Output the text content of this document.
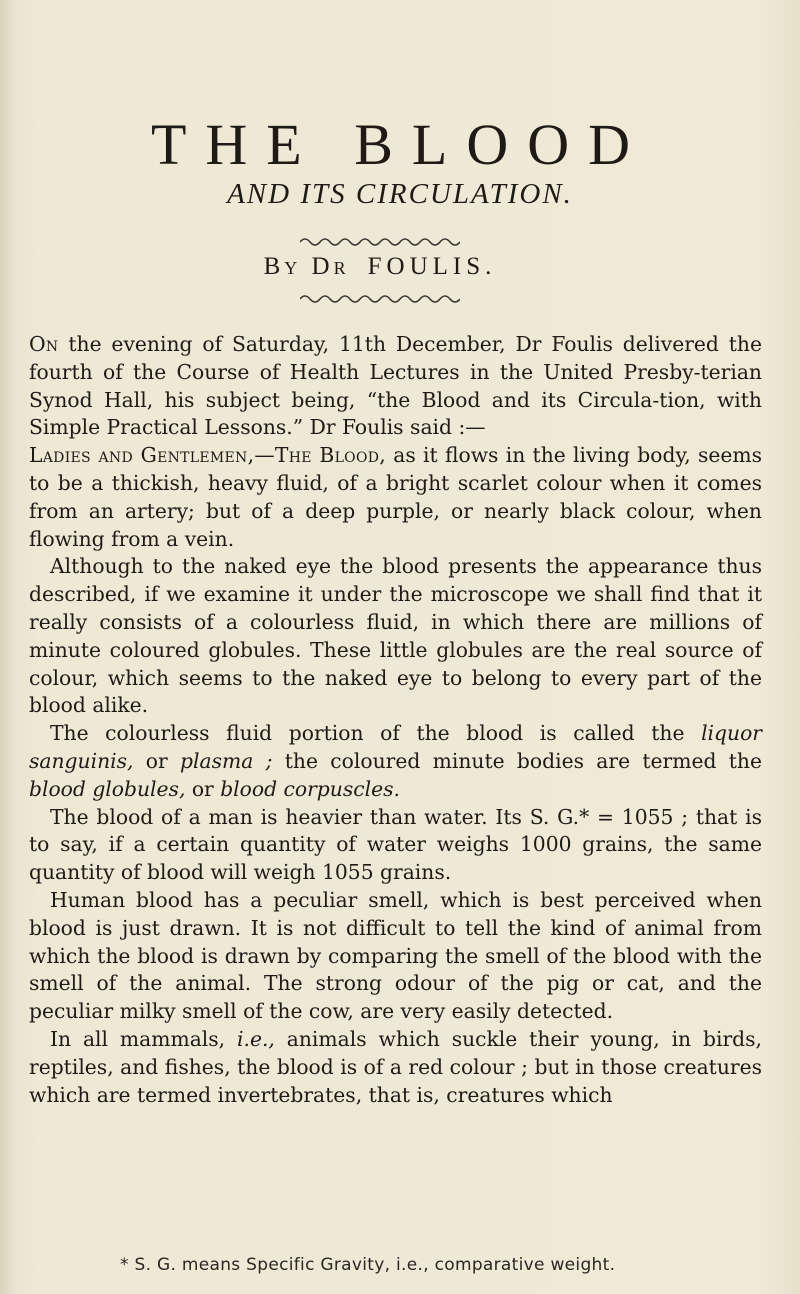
THE BLOOD
AND ITS CIRCULATION.
By Dr FOULIS.

On the evening of Saturday, 11th December, Dr Foulis delivered the fourth of the Course of Health Lectures in the United Presby-terian Synod Hall, his subject being, “the Blood and its Circula-tion, with Simple Practical Lessons.” Dr Foulis said :—

Ladies and Gentlemen,—The Blood, as it flows in the living body, seems to be a thickish, heavy fluid, of a bright scarlet colour when it comes from an artery; but of a deep purple, or nearly black colour, when flowing from a vein.

Although to the naked eye the blood presents the appearance thus described, if we examine it under the microscope we shall find that it really consists of a colourless fluid, in which there are millions of minute coloured globules. These little globules are the real source of colour, which seems to the naked eye to belong to every part of the blood alike.

The colourless fluid portion of the blood is called the liquor sanguinis, or plasma ; the coloured minute bodies are termed the blood globules, or blood corpuscles.

The blood of a man is heavier than water. Its S. G.* = 1055 ; that is to say, if a certain quantity of water weighs 1000 grains, the same quantity of blood will weigh 1055 grains.

Human blood has a peculiar smell, which is best perceived when blood is just drawn. It is not difficult to tell the kind of animal from which the blood is drawn by comparing the smell of the blood with the smell of the animal. The strong odour of the pig or cat, and the peculiar milky smell of the cow, are very easily detected.

In all mammals, i.e., animals which suckle their young, in birds, reptiles, and fishes, the blood is of a red colour ; but in those creatures which are termed invertebrates, that is, creatures which

* S. G. means Specific Gravity, i.e., comparative weight.
